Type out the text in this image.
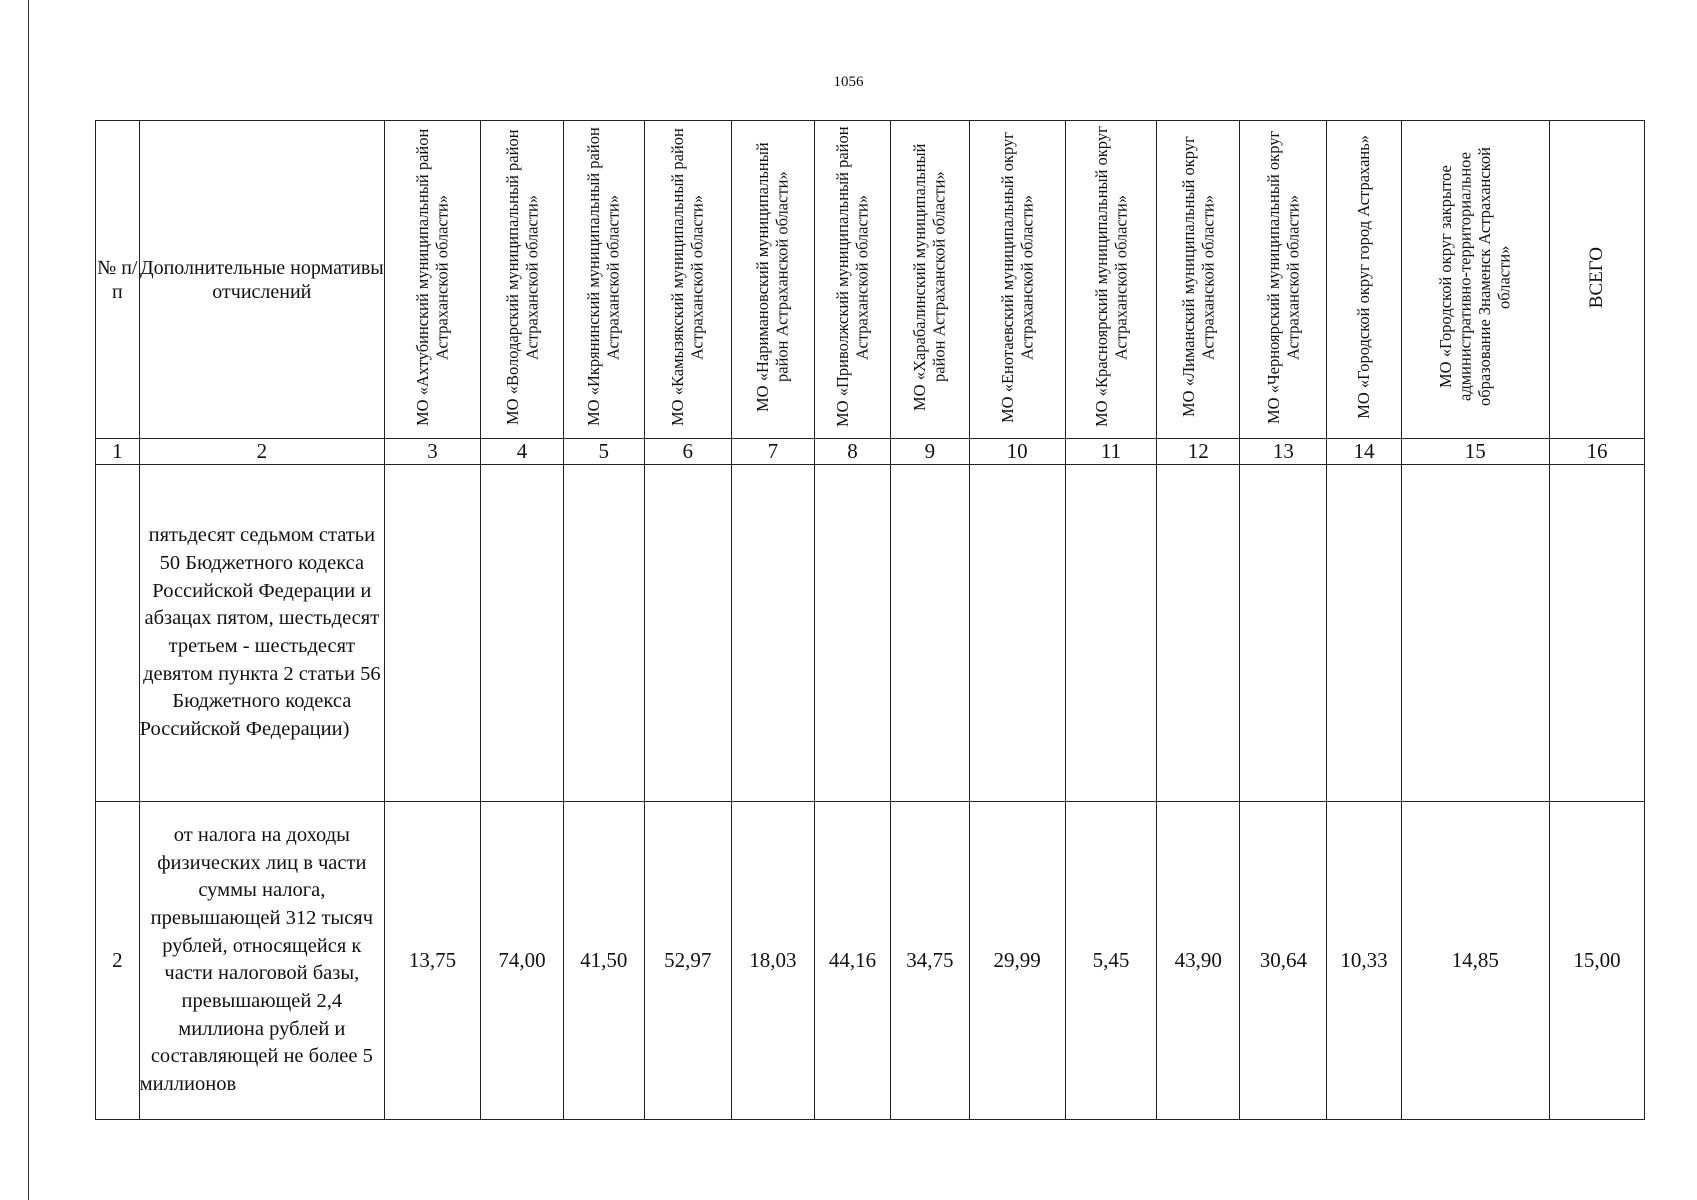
1056
№ п/п	Дополнительные нормативы отчислений	МО «Ахтубинский муниципальный район Астраханской области»	МО «Володарский муниципальный район Астраханской области»	МО «Икрянинский муниципальный район Астраханской области»	МО «Камызякский муниципальный район Астраханской области»	МО «Наримановский муниципальный район Астраханской области»	МО «Приволжский муниципальный район Астраханской области»	МО «Харабалинский муниципальный район Астраханской области»	МО «Енотаевский муниципальный округ Астраханской области»	МО «Красноярский муниципальный округ Астраханской области»	МО «Лиманский муниципальный округ Астраханской области»	МО «Черноярский муниципальный округ Астраханской области»	МО «Городской округ город Астрахань»	МО «Городской округ закрытое административно-территориальное образование Знаменск Астраханской области»	ВСЕГО
1	2	3	4	5	6	7	8	9	10	11	12	13	14	15	16
	пятьдесят седьмом статьи 50 Бюджетного кодекса Российской Федерации и абзацах пятом, шестьдесят третьем - шестьдесят девятом пункта 2 статьи 56 Бюджетного кодекса Российской Федерации)														
2	от налога на доходы физических лиц в части суммы налога, превышающей 312 тысяч рублей, относящейся к части налоговой базы, превышающей 2,4 миллиона рублей и составляющей не более 5 миллионов	13,75	74,00	41,50	52,97	18,03	44,16	34,75	29,99	5,45	43,90	30,64	10,33	14,85	15,00
